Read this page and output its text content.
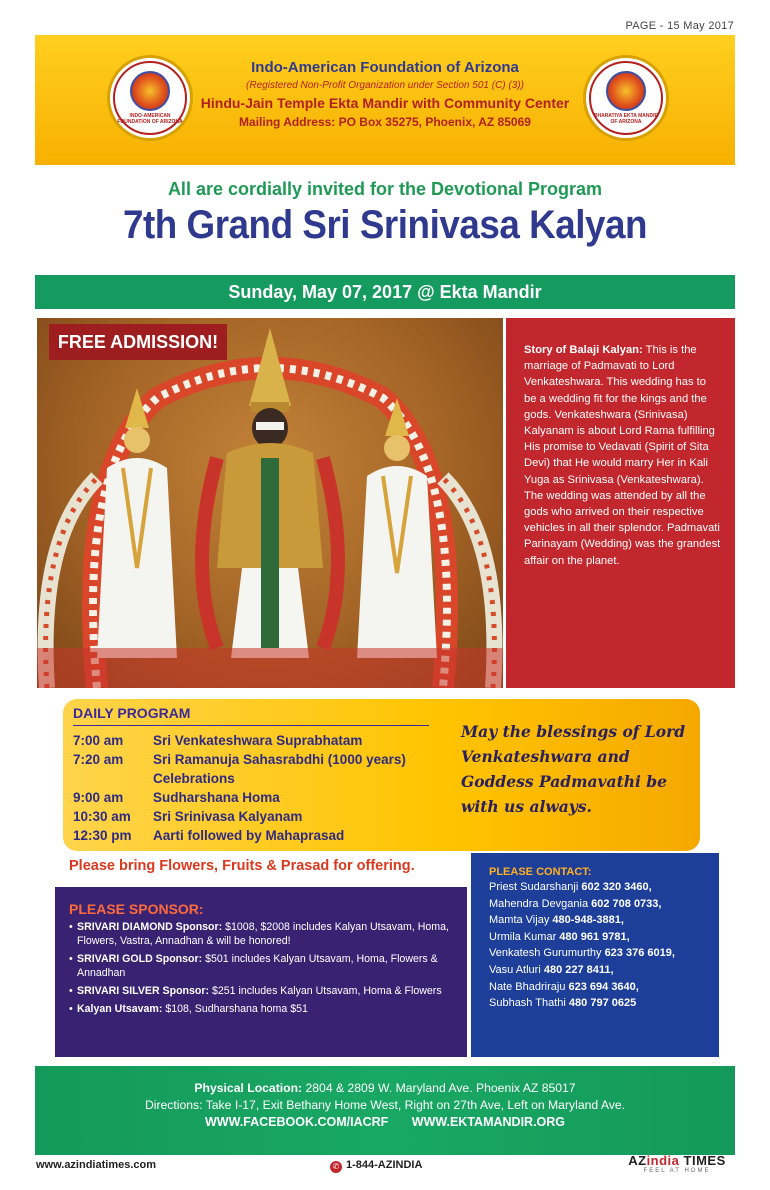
PAGE - 15 May 2017
INDO-AMERICAN FOUNDATION OF ARIZONA
Indo-American Foundation of Arizona
(Registered Non-Profit Organization under Section 501 (C) (3))
Hindu-Jain Temple Ekta Mandir with Community Center
Mailing Address: PO Box 35275, Phoenix, AZ 85069	BHARATIYA EKTA MANDIR OF ARIZONA
All are cordially invited for the Devotional Program
7th Grand Sri Srinivasa Kalyan
Sunday, May 07, 2017 @ Ekta Mandir
FREE ADMISSION!	Story of Balaji Kalyan: This is the marriage of Padmavati to Lord Venkateshwara. This wedding has to be a wedding fit for the kings and the gods. Venkateshwara (Srinivasa) Kalyanam is about Lord Rama fulfilling His promise to Vedavati (Spirit of Sita Devi) that He would marry Her in Kali Yuga as Srinivasa (Venkateshwara). The wedding was attended by all the gods who arrived on their respective vehicles in all their splendor. Padmavati Parinayam (Wedding) was the grandest affair on the planet.
DAILY PROGRAM
7:00 am	Sri Venkateshwara Suprabhatam
7:20 am	Sri Ramanuja Sahasrabdhi (1000 years) Celebrations
9:00 am	Sudharshana Homa
10:30 am	Sri Srinivasa Kalyanam
12:30 pm	Aarti followed by Mahaprasad
May the blessings of Lord Venkateshwara and Goddess Padmavathi be with us always.
Please bring Flowers, Fruits & Prasad for offering.
PLEASE SPONSOR:
• SRIVARI DIAMOND Sponsor: $1008, $2008 includes Kalyan Utsavam, Homa, Flowers, Vastra, Annadhan & will be honored!
• SRIVARI GOLD Sponsor: $501 includes Kalyan Utsavam, Homa, Flowers & Annadhan
• SRIVARI SILVER Sponsor: $251 includes Kalyan Utsavam, Homa & Flowers
• Kalyan Utsavam: $108, Sudharshana homa $51
PLEASE CONTACT:
Priest Sudarshanji 602 320 3460,
Mahendra Devgania 602 708 0733,
Mamta Vijay 480-948-3881,
Urmila Kumar 480 961 9781,
Venkatesh Gurumurthy 623 376 6019,
Vasu Atluri 480 227 8411,
Nate Bhadriraju 623 694 3640,
Subhash Thathi 480 797 0625
Physical Location: 2804 & 2809 W. Maryland Ave. Phoenix AZ 85017
Directions: Take I-17, Exit Bethany Home West, Right on 27th Ave, Left on Maryland Ave.
WWW.FACEBOOK.COM/IACRF WWW.EKTAMANDIR.ORG
www.azindiatimes.com	✆ 1-844-AZINDIA	AZindia TIMES
FEEL AT HOME
